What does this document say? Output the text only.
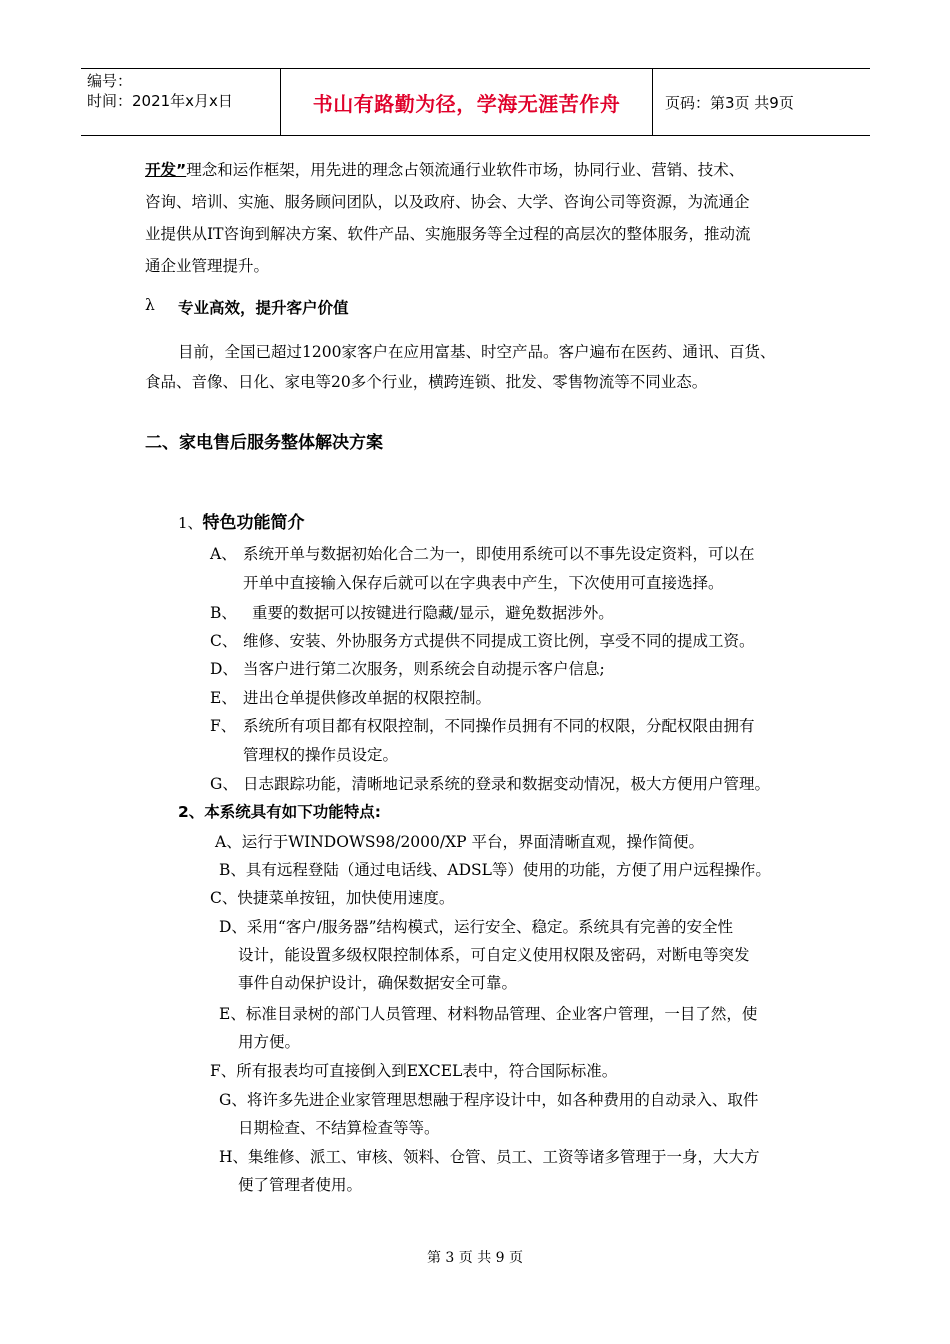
编号：
时间：2021年x月x日	书山有路勤为径，学海无涯苦作舟	页码：第3页 共9页
开发”理念和运作框架，用先进的理念占领流通行业软件市场，协同行业、营销、技术、
咨询、培训、实施、服务顾问团队，以及政府、协会、大学、咨询公司等资源，为流通企
业提供从IT咨询到解决方案、软件产品、实施服务等全过程的高层次的整体服务，推动流
通企业管理提升。
λ 专业高效，提升客户价值
目前，全国已超过1200家客户在应用富基、时空产品。客户遍布在医药、通讯、百货、
食品、音像、日化、家电等20多个行业，横跨连锁、批发、零售物流等不同业态。
二、家电售后服务整体解决方案
1、特色功能简介
A、 系统开单与数据初始化合二为一，即使用系统可以不事先设定资料，可以在
开单中直接输入保存后就可以在字典表中产生，下次使用可直接选择。
B、 重要的数据可以按键进行隐藏/显示，避免数据涉外。
C、 维修、安装、外协服务方式提供不同提成工资比例，享受不同的提成工资。
D、 当客户进行第二次服务，则系统会自动提示客户信息;
E、 进出仓单提供修改单据的权限控制。
F、 系统所有项目都有权限控制，不同操作员拥有不同的权限，分配权限由拥有
管理权的操作员设定。
G、 日志跟踪功能，清晰地记录系统的登录和数据变动情况，极大方便用户管理。
2、本系统具有如下功能特点:
A、运行于WINDOWS98/2000/XP 平台，界面清晰直观，操作简便。
B、具有远程登陆（通过电话线、ADSL等）使用的功能，方便了用户远程操作。
C、快捷菜单按钮，加快使用速度。
D、采用“客户/服务器”结构模式，运行安全、稳定。系统具有完善的安全性
设计，能设置多级权限控制体系，可自定义使用权限及密码，对断电等突发
事件自动保护设计，确保数据安全可靠。
E、标准目录树的部门人员管理、材料物品管理、企业客户管理，一目了然，使
用方便。
F、所有报表均可直接倒入到EXCEL表中，符合国际标准。
G、将许多先进企业家管理思想融于程序设计中，如各种费用的自动录入、取件
日期检查、不结算检查等等。
H、集维修、派工、审核、领料、仓管、员工、工资等诸多管理于一身，大大方
便了管理者使用。
第 3 页 共 9 页
